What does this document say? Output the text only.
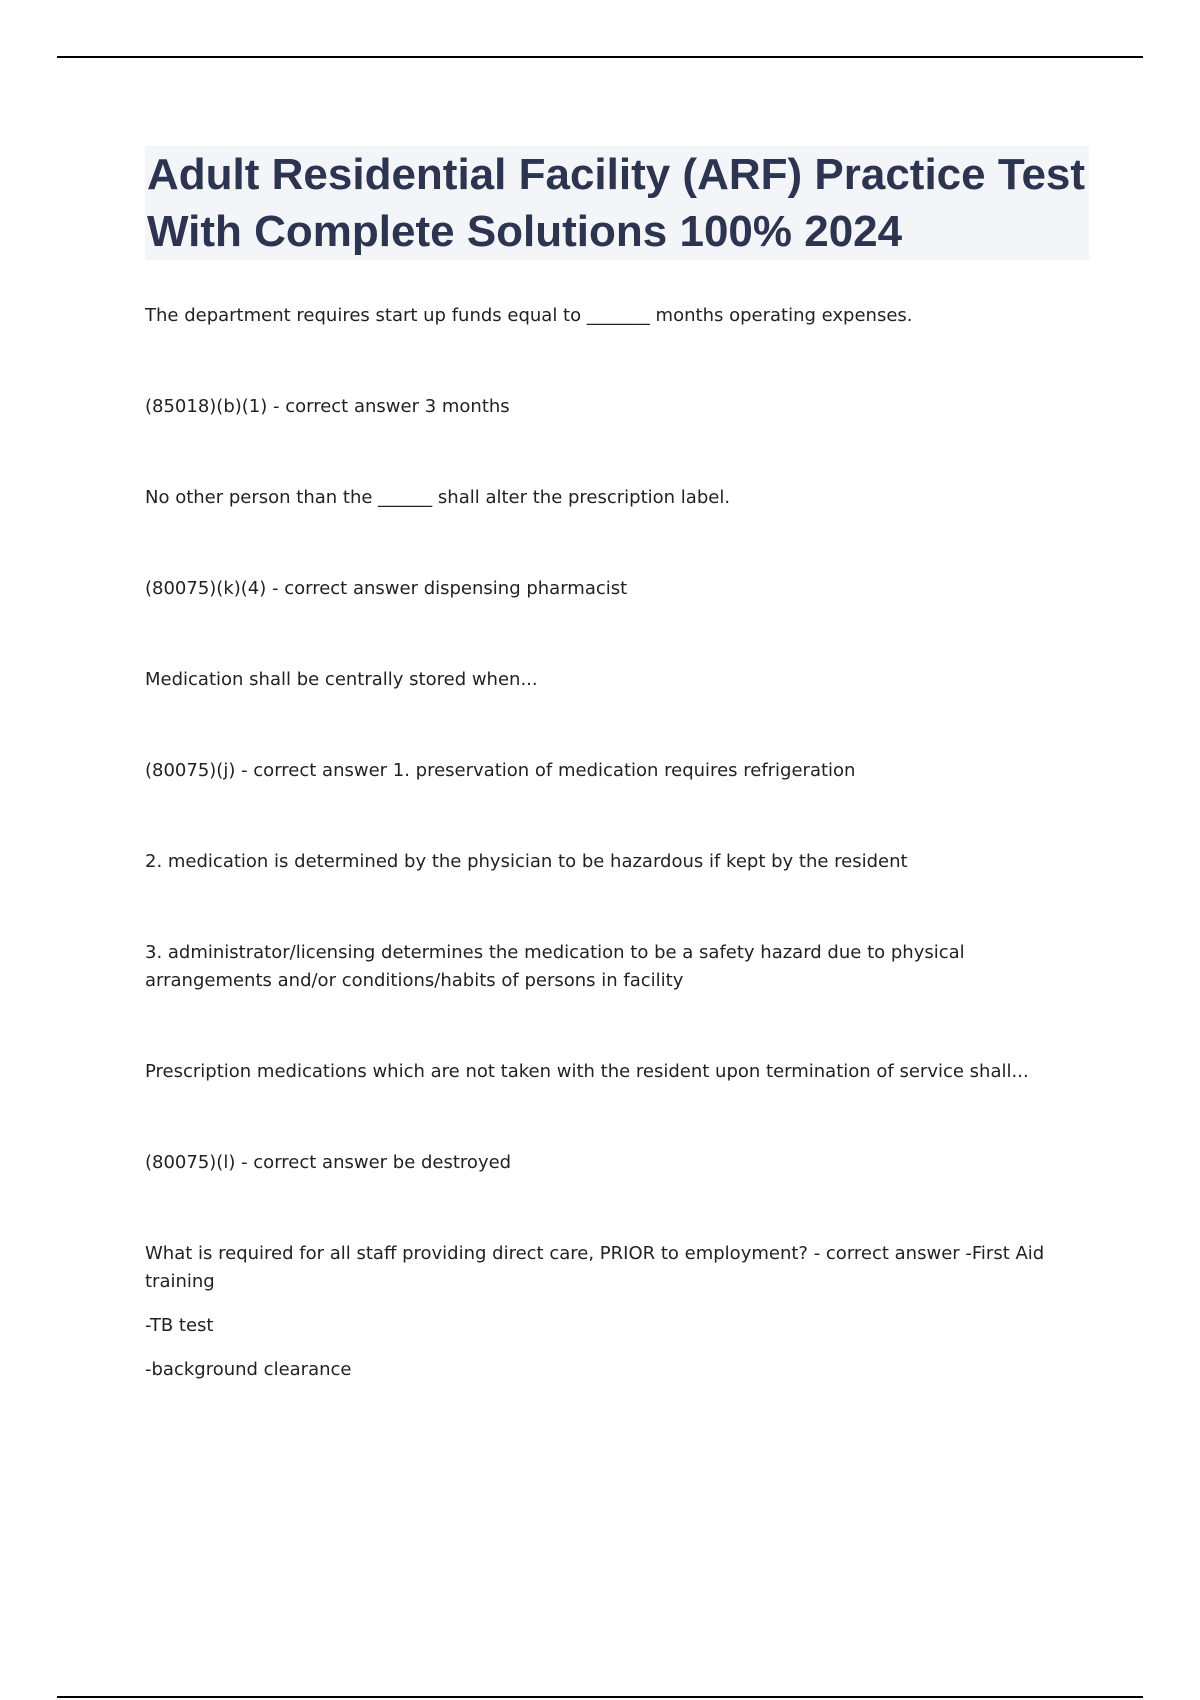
Adult Residential Facility (ARF) Practice Test With Complete Solutions 100% 2024

The department requires start up funds equal to _______ months operating expenses.

(85018)(b)(1) - correct answer 3 months

No other person than the ______ shall alter the prescription label.

(80075)(k)(4) - correct answer dispensing pharmacist

Medication shall be centrally stored when...

(80075)(j) - correct answer 1. preservation of medication requires refrigeration

2. medication is determined by the physician to be hazardous if kept by the resident

3. administrator/licensing determines the medication to be a safety hazard due to physical arrangements and/or conditions/habits of persons in facility

Prescription medications which are not taken with the resident upon termination of service shall...

(80075)(l) - correct answer be destroyed

What is required for all staff providing direct care, PRIOR to employment? - correct answer -First Aid training

-TB test

-background clearance
